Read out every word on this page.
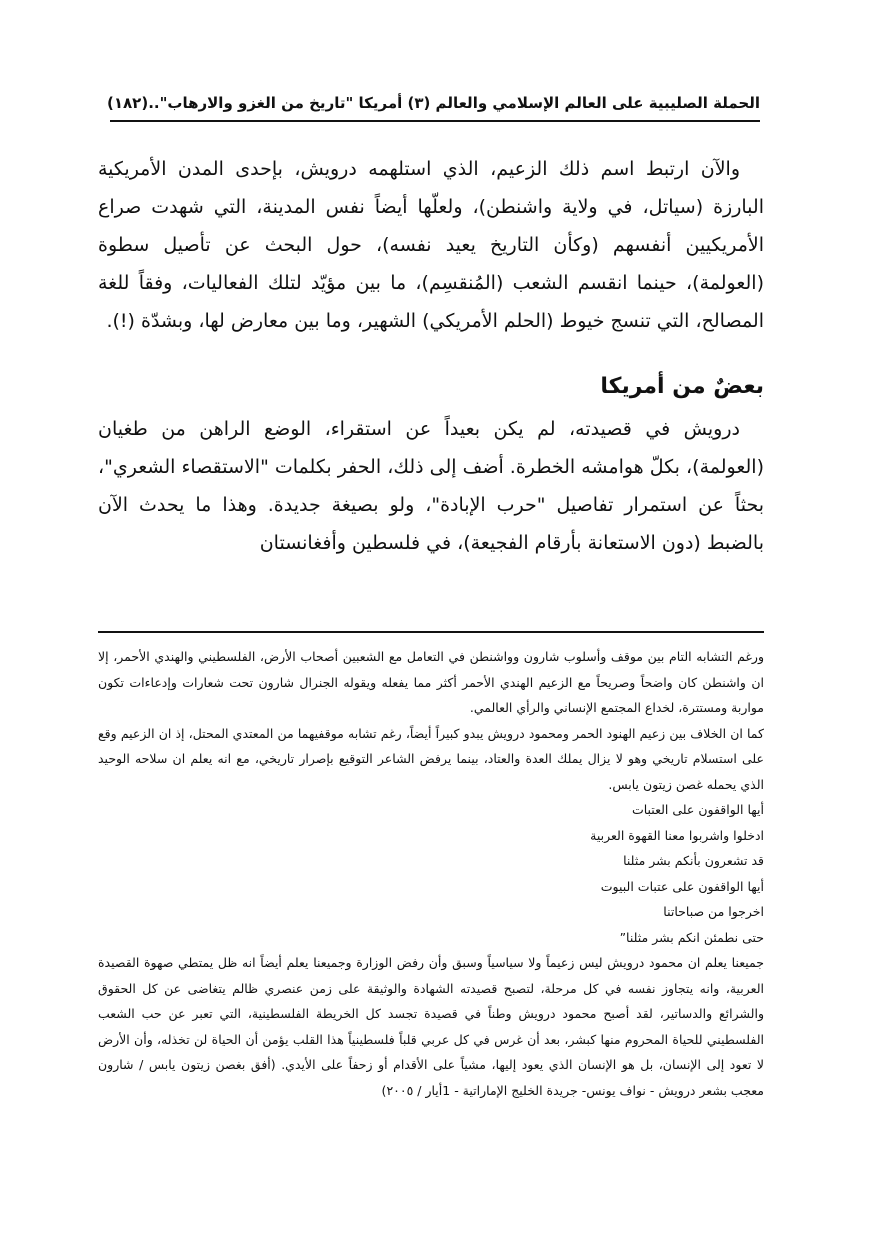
الحملة الصليبية على العالم الإسلامي والعالم (٣) أمريكا "تاريخ من الغزو والارهاب"..
(١٨٢)

والآن ارتبط اسم ذلك الزعيم، الذي استلهمه درويش، بإحدى المدن الأمريكية البارزة (سياتل، في ولاية واشنطن)، ولعلّها أيضاً نفس المدينة، التي شهدت صراع الأمريكيين أنفسهم (وكأن التاريخ يعيد نفسه)، حول البحث عن تأصيل سطوة (العولمة)، حينما انقسم الشعب (المُنقسِم)، ما بين مؤيّد لتلك الفعاليات، وفقاً للغة المصالح، التي تنسج خيوط (الحلم الأمريكي) الشهير، وما بين معارض لها، وبشدّة (!).

بعضٌ من أمريكا

درويش في قصيدته، لم يكن بعيداً عن استقراء، الوضع الراهن من طغيان (العولمة)، بكلّ هوامشه الخطرة. أضف إلى ذلك، الحفر بكلمات "الاستقصاء الشعري"، بحثاً عن استمرار تفاصيل "حرب الإبادة"، ولو بصيغة جديدة. وهذا ما يحدث الآن بالضبط (دون الاستعانة بأرقام الفجيعة)، في فلسطين وأفغانستان

ورغم التشابه التام بين موقف وأسلوب شارون وواشنطن في التعامل مع الشعبين أصحاب الأرض، الفلسطيني والهندي الأحمر، إلا ان واشنطن كان واضحاً وصريحاً مع الزعيم الهندي الأحمر أكثر مما يفعله ويقوله الجنرال شارون تحت شعارات وإدعاءات تكون مواربة ومستترة، لخداع المجتمع الإنساني والرأي العالمي.

كما ان الخلاف بين زعيم الهنود الحمر ومحمود درويش يبدو كبيراً أيضاً، رغم تشابه موقفيهما من المعتدي المحتل، إذ ان الزعيم وقع على استسلام تاريخي وهو لا يزال يملك العدة والعتاد، بينما يرفض الشاعر التوقيع بإصرار تاريخي، مع انه يعلم ان سلاحه الوحيد الذي يحمله غصن زيتون يابس.

أيها الواقفون على العتبات

ادخلوا واشربوا معنا القهوة العربية

قد تشعرون بأنكم بشر مثلنا

أيها الواقفون على عتبات البيوت

اخرجوا من صباحاتنا

حتى نطمئن انكم بشر مثلنا”

جميعنا يعلم ان محمود درويش ليس زعيماً ولا سياسياً وسبق وأن رفض الوزارة وجميعنا يعلم أيضاً انه ظل يمتطي صهوة القصيدة العربية، وانه يتجاوز نفسه في كل مرحلة، لتصبح قصيدته الشهادة والوثيقة على زمن عنصري ظالم يتغاضى عن كل الحقوق والشرائع والدساتير، لقد أصبح محمود درويش وطناً في قصيدة تجسد كل الخريطة الفلسطينية، التي تعبر عن حب الشعب الفلسطيني للحياة المحروم منها كبشر، بعد أن غرس في كل عربي قلباً فلسطينياً هذا القلب يؤمن أن الحياة لن تخذله، وأن الأرض لا تعود إلى الإنسان، بل هو الإنسان الذي يعود إليها، مشياً على الأقدام أو زحفاً على الأيدي. (أفق بغصن زيتون يابس / شارون معجب بشعر درويش - نواف يونس- جريدة الخليج الإماراتية - 1أيار / ٢٠٠٥)
